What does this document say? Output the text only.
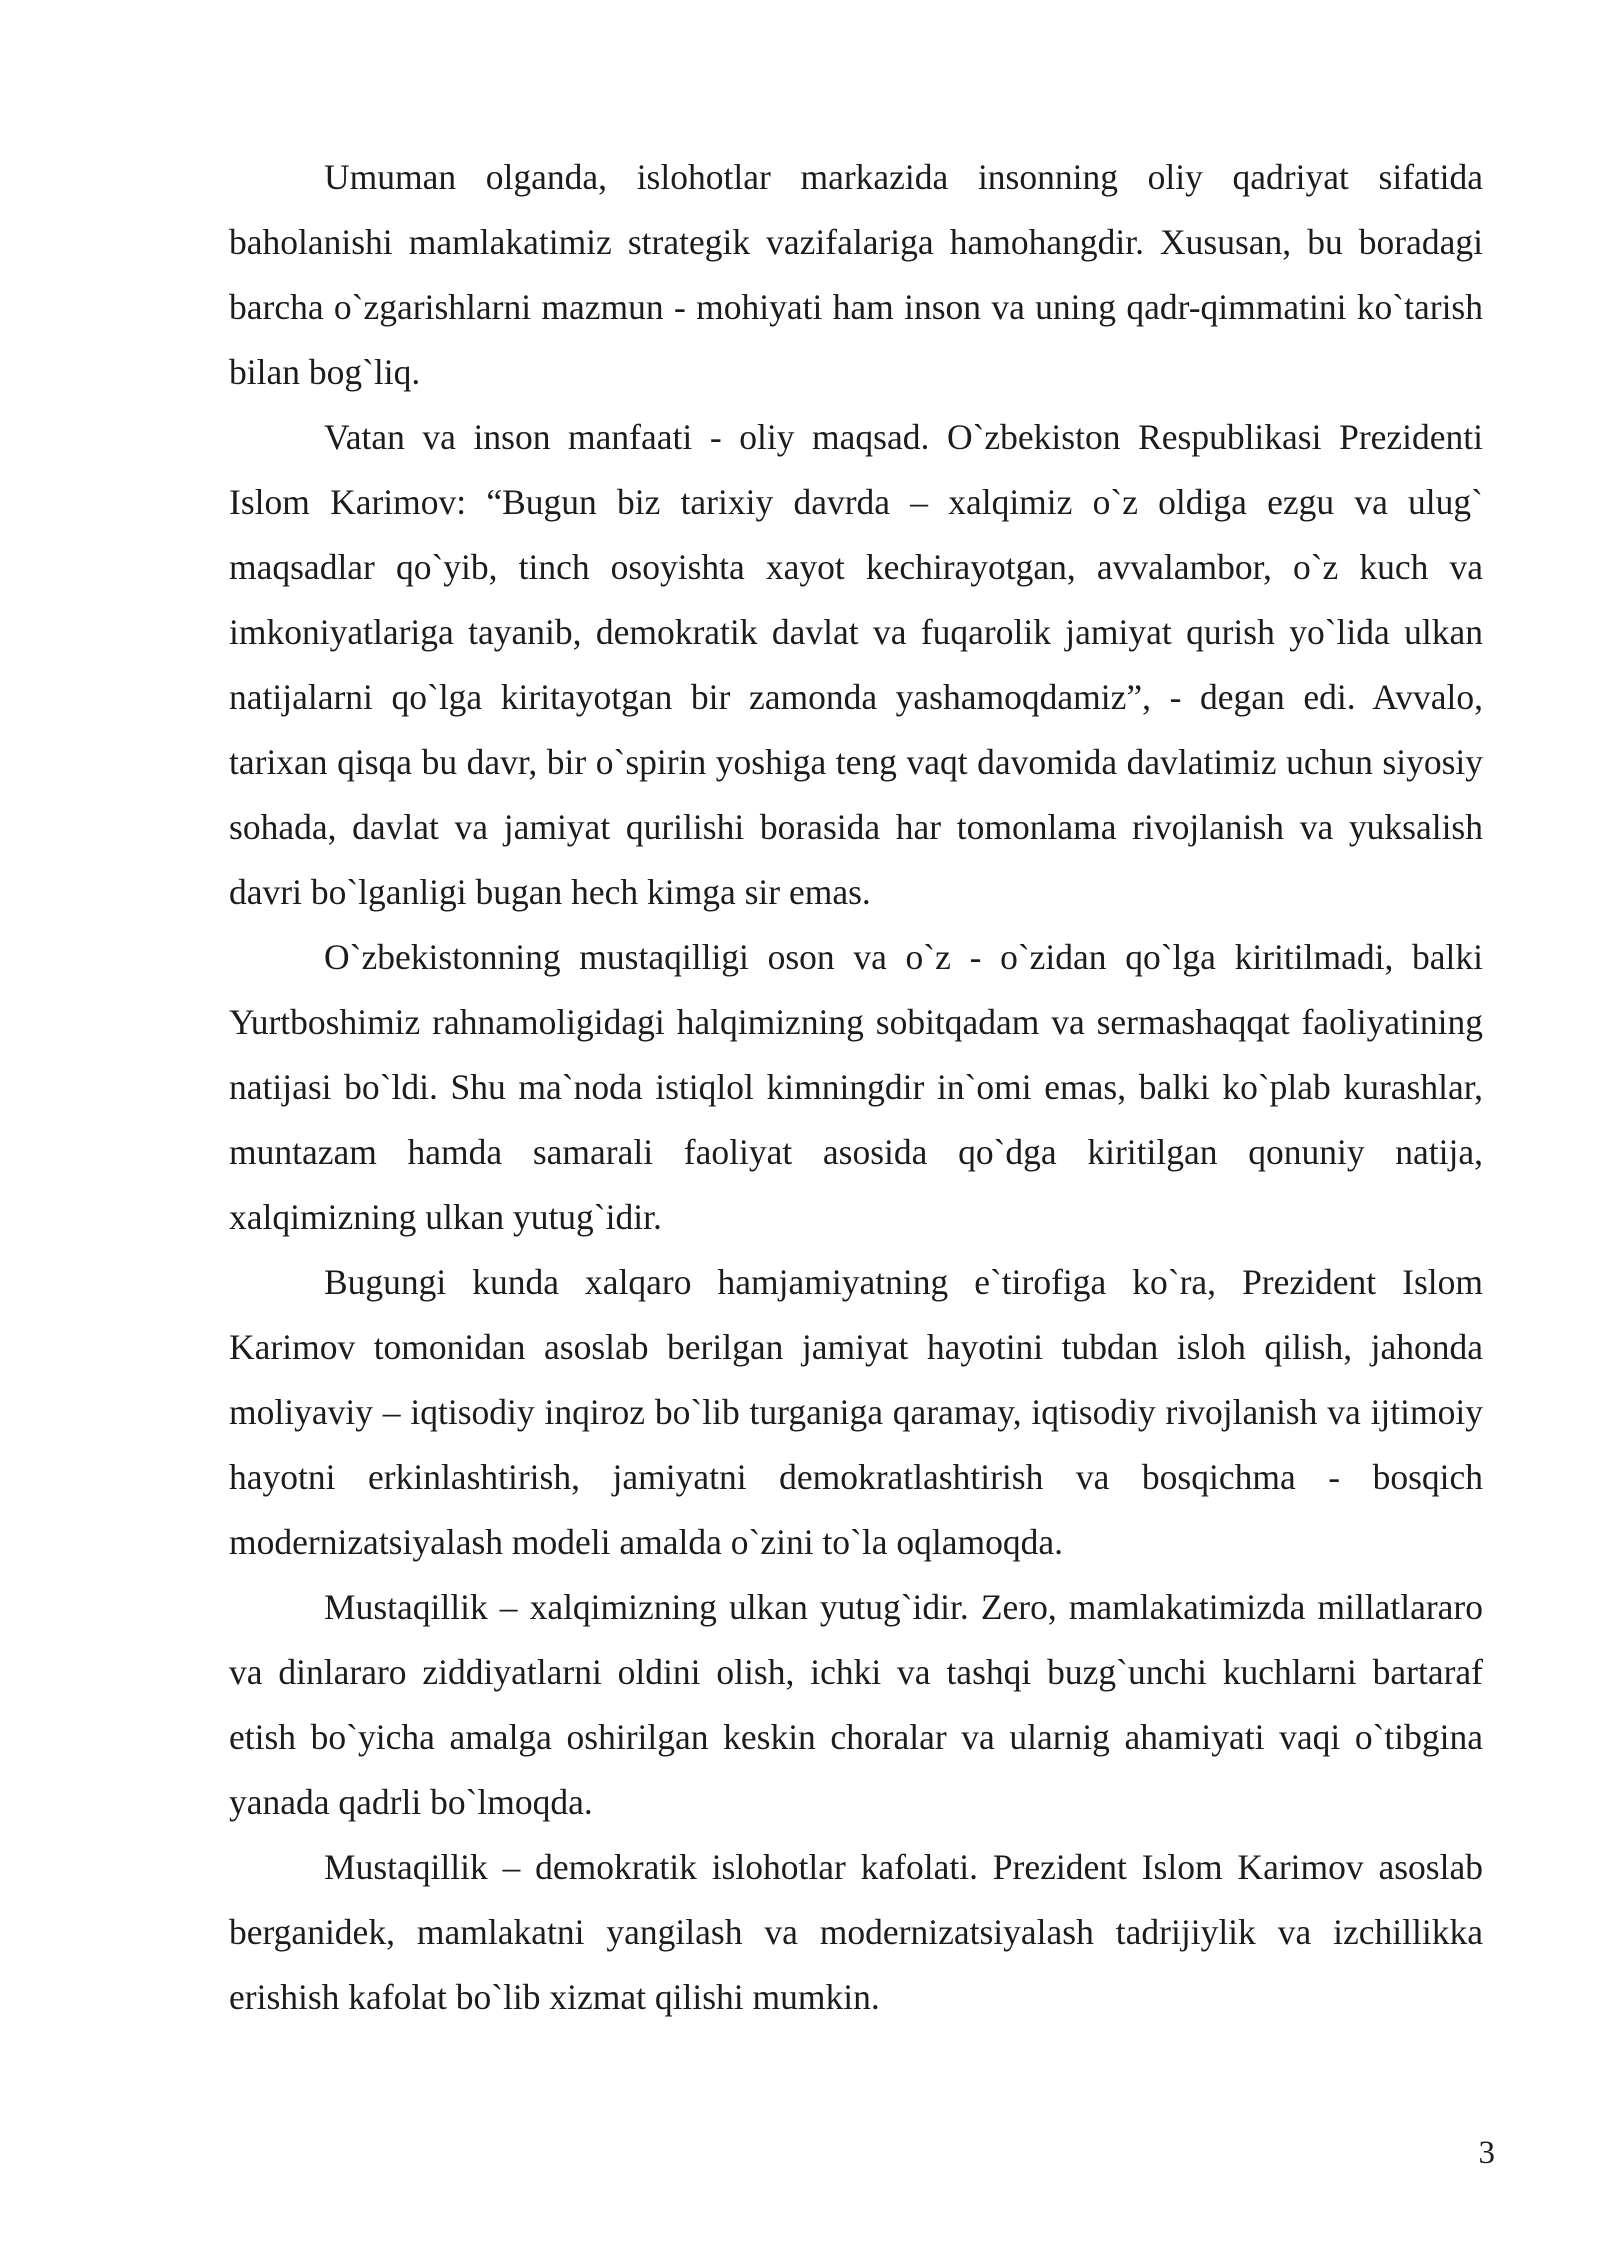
Umuman olganda, islohotlar markazida insonning oliy qadriyat sifatida baholanishi mamlakatimiz strategik vazifalariga hamohangdir. Xususan, bu boradagi barcha o`zgarishlarni mazmun - mohiyati ham inson va uning qadr-qimmatini ko`tarish bilan bog`liq.

Vatan va inson manfaati - oliy maqsad. O`zbekiston Respublikasi Prezidenti Islom Karimov: “Bugun biz tarixiy davrda – xalqimiz o`z oldiga ezgu va ulug` maqsadlar qo`yib, tinch osoyishta xayot kechirayotgan, avvalambor, o`z kuch va imkoniyatlariga tayanib, demokratik davlat va fuqarolik jamiyat qurish yo`lida ulkan natijalarni qo`lga kiritayotgan bir zamonda yashamoqdamiz”, - degan edi. Avvalo, tarixan qisqa bu davr, bir o`spirin yoshiga teng vaqt davomida davlatimiz uchun siyosiy sohada, davlat va jamiyat qurilishi borasida har tomonlama rivojlanish va yuksalish davri bo`lganligi bugan hech kimga sir emas.

O`zbekistonning mustaqilligi oson va o`z - o`zidan qo`lga kiritilmadi, balki Yurtboshimiz rahnamoligidagi halqimizning sobitqadam va sermashaqqat faoliyatining natijasi bo`ldi. Shu ma`noda istiqlol kimningdir in`omi emas, balki ko`plab kurashlar, muntazam hamda samarali faoliyat asosida qo`dga kiritilgan qonuniy natija, xalqimizning ulkan yutug`idir.

Bugungi kunda xalqaro hamjamiyatning e`tirofiga ko`ra, Prezident Islom Karimov tomonidan asoslab berilgan jamiyat hayotini tubdan isloh qilish, jahonda moliyaviy – iqtisodiy inqiroz bo`lib turganiga qaramay, iqtisodiy rivojlanish va ijtimoiy hayotni erkinlashtirish, jamiyatni demokratlashtirish va bosqichma - bosqich modernizatsiyalash modeli amalda o`zini to`la oqlamoqda.

Mustaqillik – xalqimizning ulkan yutug`idir. Zero, mamlakatimizda millatlararo va dinlararo ziddiyatlarni oldini olish, ichki va tashqi buzg`unchi kuchlarni bartaraf etish bo`yicha amalga oshirilgan keskin choralar va ularnig ahamiyati vaqi o`tibgina yanada qadrli bo`lmoqda.

Mustaqillik – demokratik islohotlar kafolati. Prezident Islom Karimov asoslab berganidek, mamlakatni yangilash va modernizatsiyalash tadrijiylik va izchillikka erishish kafolat bo`lib xizmat qilishi mumkin.

3
